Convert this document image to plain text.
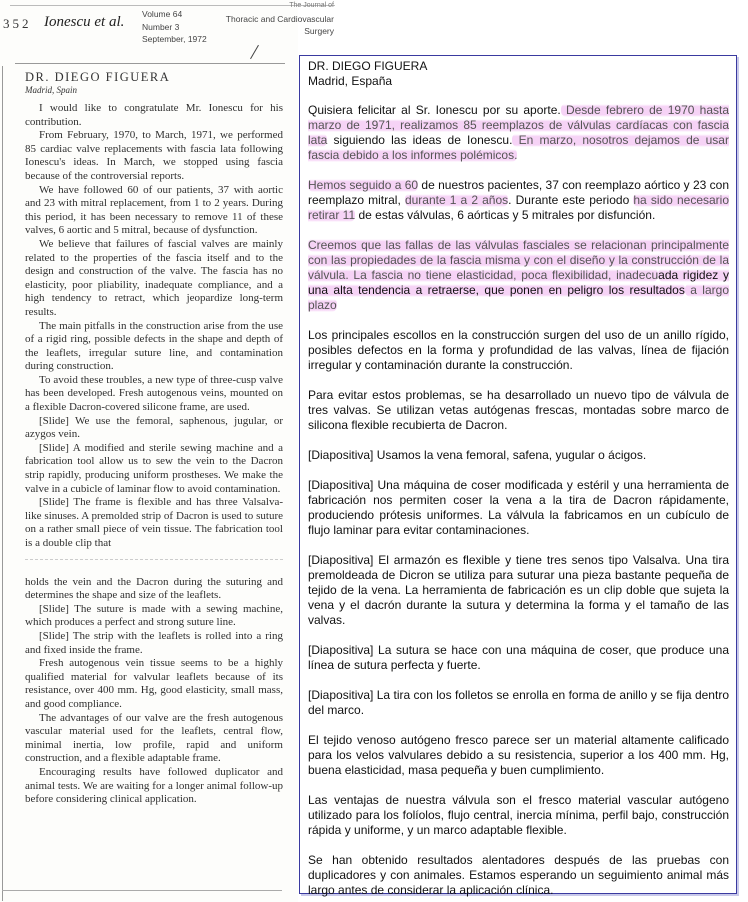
352 Ionescu et al. Volume 64
Number 3
September, 1972
The Journal of
Thoracic and Cardiovascular
Surgery

DR. DIEGO FIGUERA

Madrid, Spain

I would like to congratulate Mr. Ionescu for his contribution.

From February, 1970, to March, 1971, we performed 85 cardiac valve replacements with fascia lata following Ionescu's ideas. In March, we stopped using fascia because of the controversial reports.

We have followed 60 of our patients, 37 with aortic and 23 with mitral replacement, from 1 to 2 years. During this period, it has been necessary to remove 11 of these valves, 6 aortic and 5 mitral, because of dysfunction.

We believe that failures of fascial valves are mainly related to the properties of the fascia itself and to the design and construction of the valve. The fascia has no elasticity, poor pliability, inadequate compliance, and a high tendency to retract, which jeopardize long-term results.

The main pitfalls in the construction arise from the use of a rigid ring, possible defects in the shape and depth of the leaflets, irregular suture line, and contamination during construction.

To avoid these troubles, a new type of three-cusp valve has been developed. Fresh autogenous veins, mounted on a flexible Dacron-covered silicone frame, are used.

[Slide] We use the femoral, saphenous, jugular, or azygos vein.

[Slide] A modified and sterile sewing machine and a fabrication tool allow us to sew the vein to the Dacron strip rapidly, producing uniform prostheses. We make the valve in a cubicle of laminar flow to avoid contamination.

[Slide] The frame is flexible and has three Valsalva-like sinuses. A premolded strip of Dacron is used to suture on a rather small piece of vein tissue. The fabrication tool is a double clip that

holds the vein and the Dacron during the suturing and determines the shape and size of the leaflets.

[Slide] The suture is made with a sewing machine, which produces a perfect and strong suture line.

[Slide] The strip with the leaflets is rolled into a ring and fixed inside the frame.

Fresh autogenous vein tissue seems to be a highly qualified material for valvular leaflets because of its resistance, over 400 mm. Hg, good elasticity, small mass, and good compliance.

The advantages of our valve are the fresh autogenous vascular material used for the leaflets, central flow, minimal inertia, low profile, rapid and uniform construction, and a flexible adaptable frame.

Encouraging results have followed duplicator and animal tests. We are waiting for a longer animal follow-up before considering clinical application.

DR. DIEGO FIGUERA

Madrid, España

Quisiera felicitar al Sr. Ionescu por su aporte. Desde febrero de 1970 hasta marzo de 1971, realizamos 85 reemplazos de válvulas cardíacas con fascia lata siguiendo las ideas de Ionescu. En marzo, nosotros dejamos de usar fascia debido a los informes polémicos.

Hemos seguido a 60 de nuestros pacientes, 37 con reemplazo aórtico y 23 con reemplazo mitral, durante 1 a 2 años. Durante este periodo ha sido necesario retirar 11 de estas válvulas, 6 aórticas y 5 mitrales por disfunción.

Creemos que las fallas de las válvulas fasciales se relacionan principalmente con las propiedades de la fascia misma y con el diseño y la construcción de la válvula. La fascia no tiene elasticidad, poca flexibilidad, inadecuada rigidez y una alta tendencia a retraerse, que ponen en peligro los resultados a largo plazo

Los principales escollos en la construcción surgen del uso de un anillo rígido, posibles defectos en la forma y profundidad de las valvas, línea de fijación irregular y contaminación durante la construcción.

Para evitar estos problemas, se ha desarrollado un nuevo tipo de válvula de tres valvas. Se utilizan vetas autógenas frescas, montadas sobre marco de silicona flexible recubierta de Dacron.

[Diapositiva] Usamos la vena femoral, safena, yugular o ácigos.

[Diapositiva] Una máquina de coser modificada y estéril y una herramienta de fabricación nos permiten coser la vena a la tira de Dacron rápidamente, produciendo prótesis uniformes. La válvula la fabricamos en un cubículo de flujo laminar para evitar contaminaciones.

[Diapositiva] El armazón es flexible y tiene tres senos tipo Valsalva. Una tira premoldeada de Dicron se utiliza para suturar una pieza bastante pequeña de tejido de la vena. La herramienta de fabricación es un clip doble que sujeta la vena y el dacrón durante la sutura y determina la forma y el tamaño de las valvas.

[Diapositiva] La sutura se hace con una máquina de coser, que produce una línea de sutura perfecta y fuerte.

[Diapositiva] La tira con los folletos se enrolla en forma de anillo y se fija dentro del marco.

El tejido venoso autógeno fresco parece ser un material altamente calificado para los velos valvulares debido a su resistencia, superior a los 400 mm. Hg, buena elasticidad, masa pequeña y buen cumplimiento.

Las ventajas de nuestra válvula son el fresco material vascular autógeno utilizado para los folíolos, flujo central, inercia mínima, perfil bajo, construcción rápida y uniforme, y un marco adaptable flexible.

Se han obtenido resultados alentadores después de las pruebas con duplicadores y con animales. Estamos esperando un seguimiento animal más largo antes de considerar la aplicación clínica.
